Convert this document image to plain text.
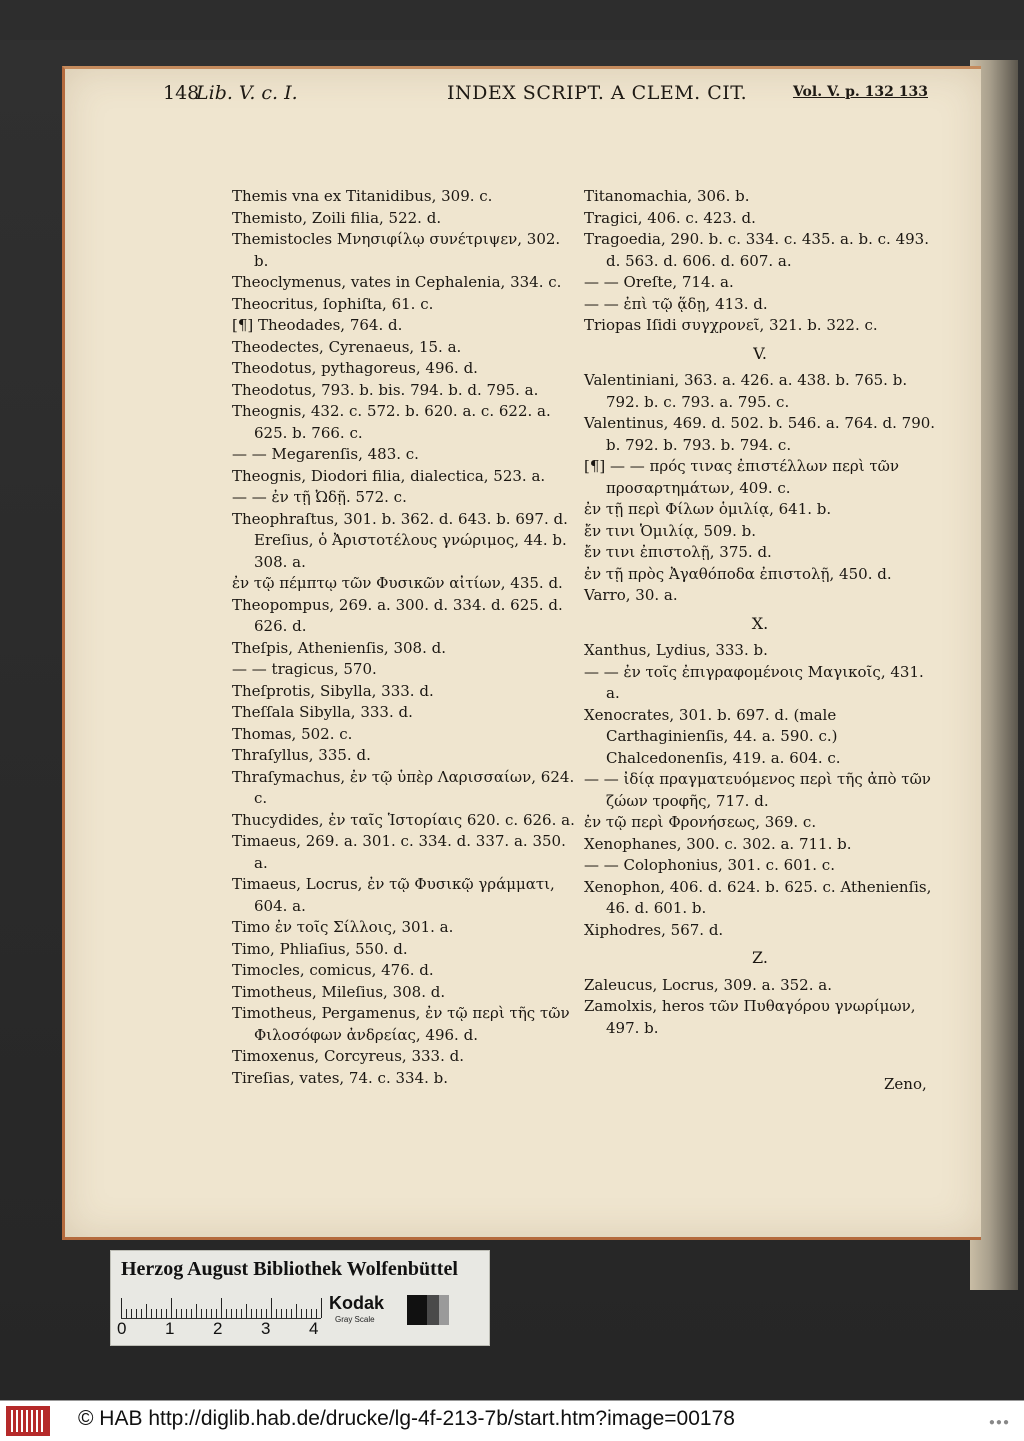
148
Lib. V. c. I.	INDEX SCRIPT. A CLEM. CIT.	Vol. V. p. 132 133

Themis vna ex Titanidibus, 309. c.

Themisto, Zoili filia, 522. d.

Themistocles Μνησιφίλῳ συνέτριψεν, 302. b.

Theoclymenus, vates in Cephalenia, 334. c.

Theocritus, ſophiſta, 61. c.

[¶] Theodades, 764. d.

Theodectes, Cyrenaeus, 15. a.

Theodotus, pythagoreus, 496. d.

Theodotus, 793. b. bis. 794. b. d. 795. a.

Theognis, 432. c. 572. b. 620. a. c. 622. a. 625. b. 766. c.

— — Megarenſis, 483. c.

Theognis, Diodori filia, dialectica, 523. a.

— — ἐν τῇ Ὠδῇ. 572. c.

Theophraſtus, 301. b. 362. d. 643. b. 697. d. Ereſius, ὁ Ἀριστοτέλους γνώριμος, 44. b. 308. a.

ἐν τῷ πέμπτῳ τῶν Φυσικῶν αἰτίων, 435. d.

Theopompus, 269. a. 300. d. 334. d. 625. d. 626. d.

Theſpis, Athenienſis, 308. d.

— — tragicus, 570.

Theſprotis, Sibylla, 333. d.

Theſſala Sibylla, 333. d.

Thomas, 502. c.

Thraſyllus, 335. d.

Thraſymachus, ἐν τῷ ὑπὲρ Λαρισσαίων, 624. c.

Thucydides, ἐν ταῖς Ἱστορίαις 620. c. 626. a.

Timaeus, 269. a. 301. c. 334. d. 337. a. 350. a.

Timaeus, Locrus, ἐν τῷ Φυσικῷ γράμματι, 604. a.

Timo ἐν τοῖς Σίλλοις, 301. a.

Timo, Phliaſius, 550. d.

Timocles, comicus, 476. d.

Timotheus, Mileſius, 308. d.

Timotheus, Pergamenus, ἐν τῷ περὶ τῆς τῶν Φιλοσόφων ἀνδρείας, 496. d.

Timoxenus, Corcyreus, 333. d.

Tireſias, vates, 74. c. 334. b.

Titanomachia, 306. b.

Tragici, 406. c. 423. d.

Tragoedia, 290. b. c. 334. c. 435. a. b. c. 493. d. 563. d. 606. d. 607. a.

— — Oreſte, 714. a.

— — ἐπὶ τῷ ᾅδῃ, 413. d.

Triopas Iſidi συγχρονεῖ, 321. b. 322. c.

V.

Valentiniani, 363. a. 426. a. 438. b. 765. b. 792. b. c. 793. a. 795. c.

Valentinus, 469. d. 502. b. 546. a. 764. d. 790. b. 792. b. 793. b. 794. c.

[¶] — — πρός τινας ἐπιστέλλων περὶ τῶν προσαρτημάτων, 409. c.

ἐν τῇ περὶ Φίλων ὁμιλίᾳ, 641. b.

ἔν τινι Ὁμιλίᾳ, 509. b.

ἔν τινι ἐπιστολῇ, 375. d.

ἐν τῇ πρὸς Ἀγαθόποδα ἐπιστολῇ, 450. d.

Varro, 30. a.

X.

Xanthus, Lydius, 333. b.

— — ἐν τοῖς ἐπιγραφομένοις Μαγικοῖς, 431. a.

Xenocrates, 301. b. 697. d. (male Carthaginienſis, 44. a. 590. c.) Chalcedonenſis, 419. a. 604. c.

— — ἰδίᾳ πραγματευόμενος περὶ τῆς ἀπὸ τῶν ζώων τροφῆς, 717. d.

ἐν τῷ περὶ Φρονήσεως, 369. c.

Xenophanes, 300. c. 302. a. 711. b.

— — Colophonius, 301. c. 601. c.

Xenophon, 406. d. 624. b. 625. c. Athenienſis, 46. d. 601. b.

Xiphodres, 567. d.

Z.

Zaleucus, Locrus, 309. a. 352. a.

Zamolxis, heros τῶν Πυθαγόρου γνωρίμων, 497. b.

Zeno,
Herzog August Bibliothek Wolfenbüttel
0 1 2 3 4
Kodak
Gray Scale
© HAB http://diglib.hab.de/drucke/lg-4f-213-7b/start.htm?image=00178	●●●
